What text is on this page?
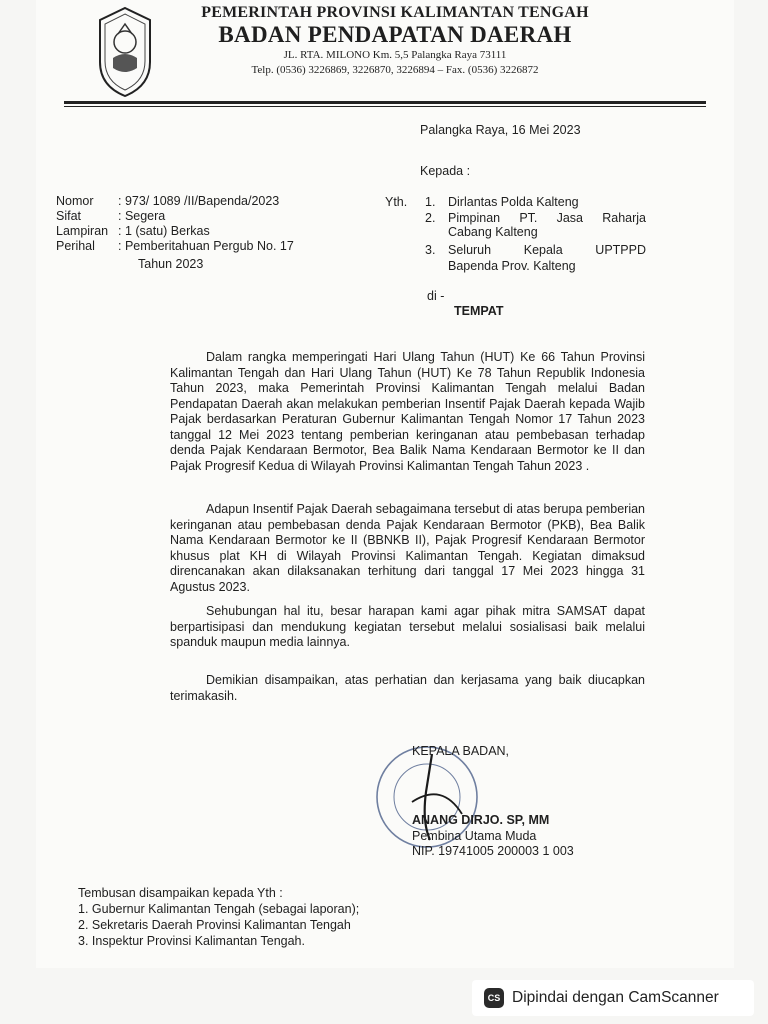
PEMERINTAH PROVINSI KALIMANTAN TENGAH
BADAN PENDAPATAN DAERAH
JL. RTA. MILONO Km. 5,5 Palangka Raya 73111
Telp. (0536) 3226869, 3226870, 3226894 – Fax. (0536) 3226872
Palangka Raya, 16 Mei 2023
Kepada :
Nomor : 973/ 1089 /II/Bapenda/2023
Sifat	: Segera
Lampiran : 1 (satu) Berkas
Perihal : Pemberitahuan Pergub No. 17
Tahun 2023
Yth. 1. Dirlantas Polda Kalteng
2. Pimpinan PT. Jasa Raharja
Cabang Kalteng
3. Seluruh Kepala UPTPPD
Bapenda Prov. Kalteng
di -
TEMPAT

Dalam rangka memperingati Hari Ulang Tahun (HUT) Ke 66 Tahun Provinsi Kalimantan Tengah dan Hari Ulang Tahun (HUT) Ke 78 Tahun Republik Indonesia Tahun 2023, maka Pemerintah Provinsi Kalimantan Tengah melalui Badan Pendapatan Daerah akan melakukan pemberian Insentif Pajak Daerah kepada Wajib Pajak berdasarkan Peraturan Gubernur Kalimantan Tengah Nomor 17 Tahun 2023 tanggal 12 Mei 2023 tentang pemberian keringanan atau pembebasan terhadap denda Pajak Kendaraan Bermotor, Bea Balik Nama Kendaraan Bermotor ke II dan Pajak Progresif Kedua di Wilayah Provinsi Kalimantan Tengah Tahun 2023 .

Adapun Insentif Pajak Daerah sebagaimana tersebut di atas berupa pemberian keringanan atau pembebasan denda Pajak Kendaraan Bermotor (PKB), Bea Balik Nama Kendaraan Bermotor ke II (BBNKB II), Pajak Progresif Kendaraan Bermotor khusus plat KH di Wilayah Provinsi Kalimantan Tengah. Kegiatan dimaksud direncanakan akan dilaksanakan terhitung dari tanggal 17 Mei 2023 hingga 31 Agustus 2023.

Sehubungan hal itu, besar harapan kami agar pihak mitra SAMSAT dapat berpartisipasi dan mendukung kegiatan tersebut melalui sosialisasi baik melalui spanduk maupun media lainnya.

Demikian disampaikan, atas perhatian dan kerjasama yang baik diucapkan terimakasih.

KEPALA BADAN,
ANANG DIRJO. SP, MM
Pembina Utama Muda
NIP. 19741005 200003 1 003
Tembusan disampaikan kepada Yth :
1. Gubernur Kalimantan Tengah (sebagai laporan);
2. Sekretaris Daerah Provinsi Kalimantan Tengah
3. Inspektur Provinsi Kalimantan Tengah.
CS Dipindai dengan CamScanner
